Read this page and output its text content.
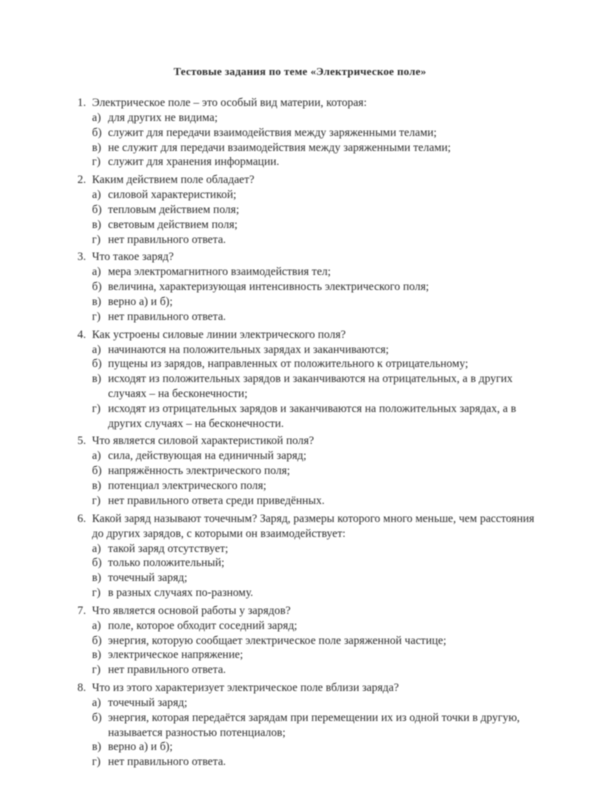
Тестовые задания по теме «Электрическое поле»
1. Электрическое поле – это особый вид материи, которая:
а) для других не видима;
б) служит для передачи взаимодействия между заряженными телами;
в) не служит для передачи взаимодействия между заряженными телами;
г) служит для хранения информации.
2. Каким действием поле обладает?
а) силовой характеристикой;
б) тепловым действием поля;
в) световым действием поля;
г) нет правильного ответа.
3. Что такое заряд?
а) мера электромагнитного взаимодействия тел;
б) величина, характеризующая интенсивность электрического поля;
в) верно а) и б);
г) нет правильного ответа.
4. Как устроены силовые линии электрического поля?
а) начинаются на положительных зарядах и заканчиваются;
б) пущены из зарядов, направленных от положительного к отрицательному;
в) исходят из положительных зарядов и заканчиваются на отрицательных, а в других случаях – на бесконечности;
г) исходят из отрицательных зарядов и заканчиваются на положительных зарядах, а в других случаях – на бесконечности.
5. Что является силовой характеристикой поля?
а) сила, действующая на единичный заряд;
б) напряжённость электрического поля;
в) потенциал электрического поля;
г) нет правильного ответа среди приведённых.
6. Какой заряд называют точечным? Заряд, размеры которого много меньше, чем расстояния до других зарядов, с которыми он взаимодействует:
а) такой заряд отсутствует;
б) только положительный;
в) точечный заряд;
г) в разных случаях по-разному.
7. Что является основой работы у зарядов?
а) поле, которое обходит соседний заряд;
б) энергия, которую сообщает электрическое поле заряженной частице;
в) электрическое напряжение;
г) нет правильного ответа.
8. Что из этого характеризует электрическое поле вблизи заряда?
а) точечный заряд;
б) энергия, которая передаётся зарядам при перемещении их из одной точки в другую, называется разностью потенциалов;
в) верно а) и б);
г) нет правильного ответа.
